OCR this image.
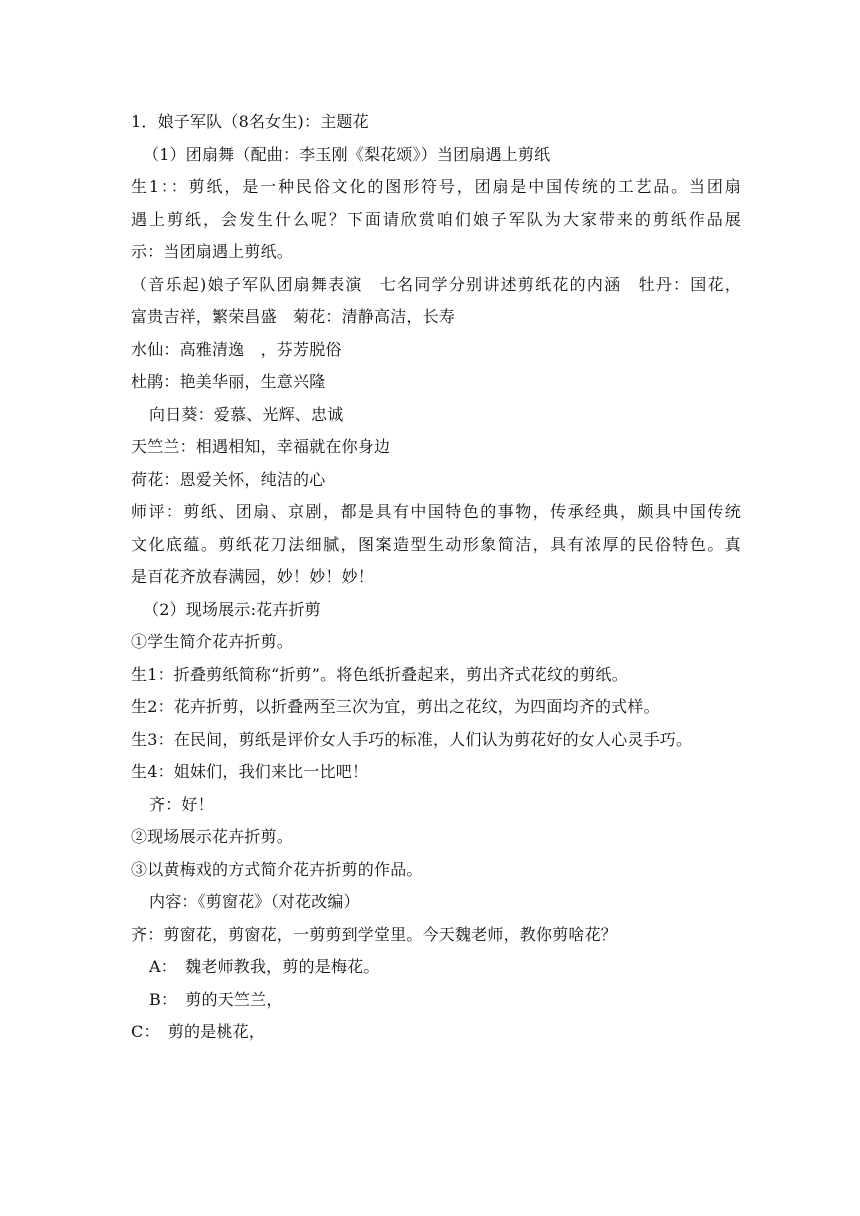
1．娘子军队（8名女生)：主题花
（1）团扇舞（配曲：李玉刚《梨花颂》）当团扇遇上剪纸
生1：：剪纸，是一种民俗文化的图形符号，团扇是中国传统的工艺品。当团扇
遇上剪纸，会发生什么呢？下面请欣赏咱们娘子军队为大家带来的剪纸作品展
示：当团扇遇上剪纸。
（音乐起)娘子军队团扇舞表演　七名同学分别讲述剪纸花的内涵　牡丹：国花，
富贵吉祥，繁荣昌盛　菊花：清静高洁，长寿
水仙：高雅清逸　，芬芳脱俗
杜鹃：艳美华丽，生意兴隆
向日葵：爱慕、光辉、忠诚
天竺兰：相遇相知，幸福就在你身边
荷花：恩爱关怀，纯洁的心
师评：剪纸、团扇、京剧，都是具有中国特色的事物，传承经典，颇具中国传统
文化底蕴。剪纸花刀法细腻，图案造型生动形象简洁，具有浓厚的民俗特色。真
是百花齐放春满园，妙！妙！妙！
（2）现场展示:花卉折剪
①学生简介花卉折剪。
生1：折叠剪纸简称“折剪”。将色纸折叠起来，剪出齐式花纹的剪纸。
生2：花卉折剪，以折叠两至三次为宜，剪出之花纹，为四面均齐的式样。
生3：在民间，剪纸是评价女人手巧的标准，人们认为剪花好的女人心灵手巧。
生4：姐妹们，我们来比一比吧！
齐：好！
②现场展示花卉折剪。
③以黄梅戏的方式简介花卉折剪的作品。
内容：《剪窗花》（对花改编）
齐：剪窗花，剪窗花，一剪剪到学堂里。今天魏老师，教你剪啥花？
A：　魏老师教我，剪的是梅花。
B：　剪的天竺兰，
C：　剪的是桃花，
